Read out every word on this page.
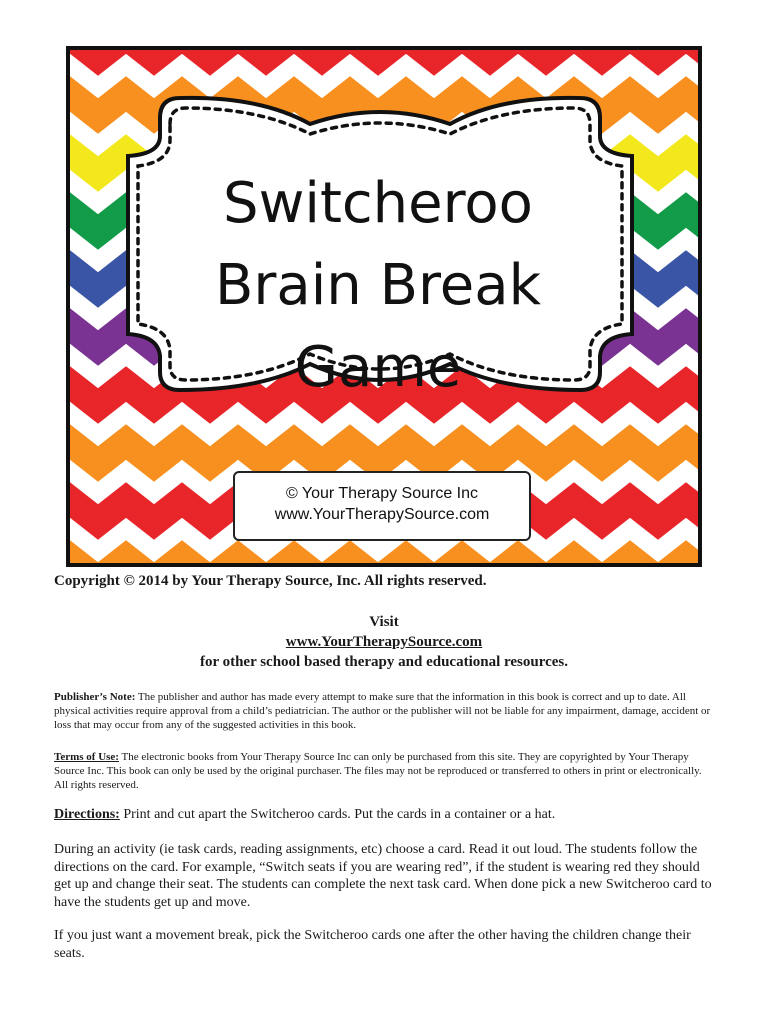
Switcheroo
Brain Break
Game
© Your Therapy Source Inc
www.YourTherapySource.com
Copyright © 2014 by Your Therapy Source, Inc. All rights reserved.
Visit
www.YourTherapySource.com
for other school based therapy and educational resources.
Publisher’s Note: The publisher and author has made every attempt to make sure that the information in this book is correct and up to date. All physical activities require approval from a child’s pediatrician. The author or the publisher will not be liable for any impairment, damage, accident or loss that may occur from any of the suggested activities in this book.
Terms of Use: The electronic books from Your Therapy Source Inc can only be purchased from this site. They are copyrighted by Your Therapy Source Inc. This book can only be used by the original purchaser. The files may not be reproduced or transferred to others in print or electronically. All rights reserved.
Directions: Print and cut apart the Switcheroo cards. Put the cards in a container or a hat.
During an activity (ie task cards, reading assignments, etc) choose a card. Read it out loud. The students follow the directions on the card. For example, “Switch seats if you are wearing red”, if the student is wearing red they should get up and change their seat. The students can complete the next task card. When done pick a new Switcheroo card to have the students get up and move.
If you just want a movement break, pick the Switcheroo cards one after the other having the children change their seats.
